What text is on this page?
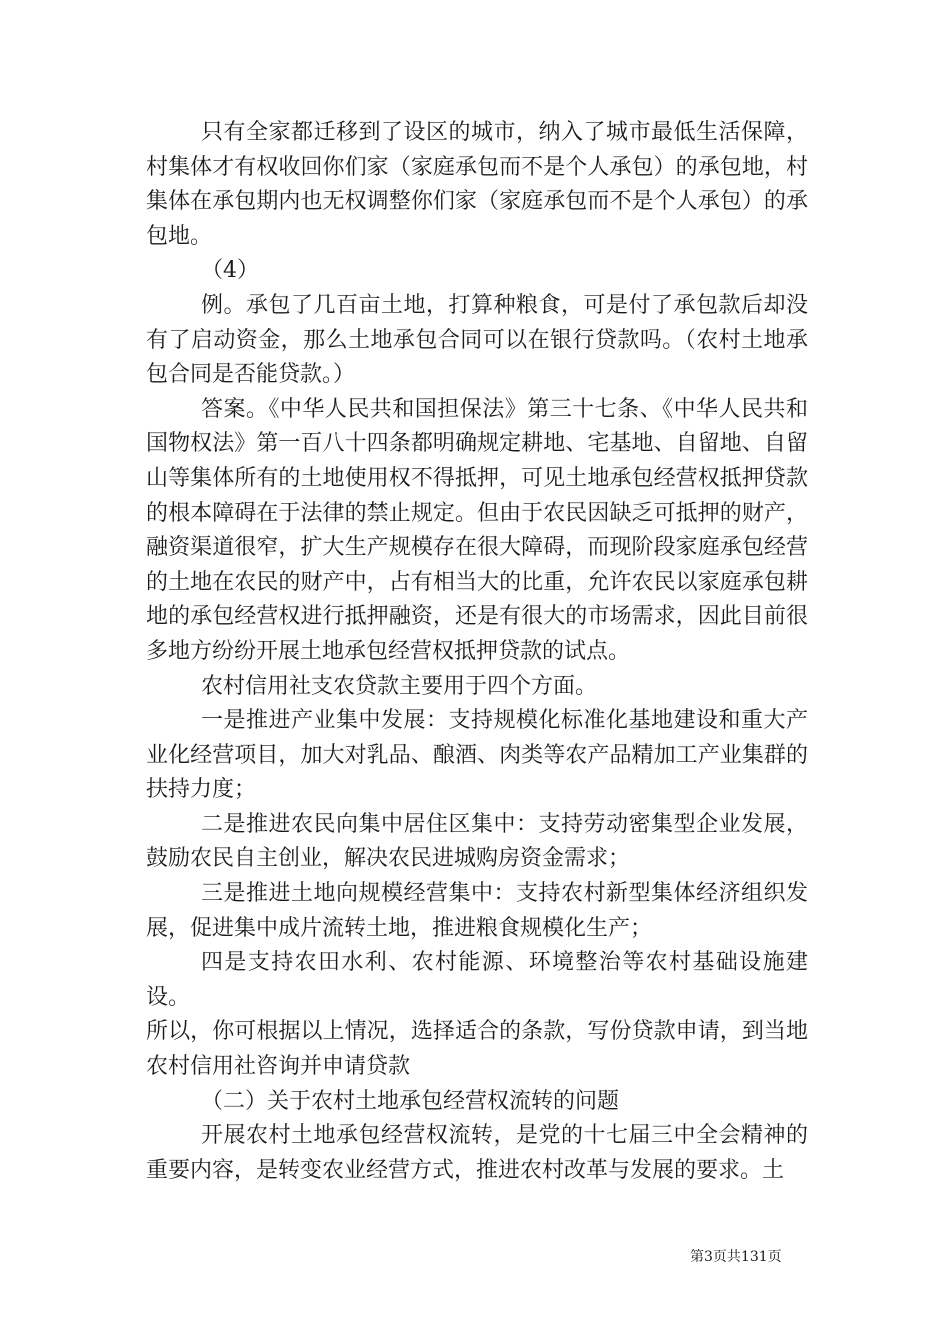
只有全家都迁移到了设区的城市，纳入了城市最低生活保障，村集体才有权收回你们家（家庭承包而不是个人承包）的承包地，村集体在承包期内也无权调整你们家（家庭承包而不是个人承包）的承包地。

（4）

例。承包了几百亩土地，打算种粮食，可是付了承包款后却没有了启动资金，那么土地承包合同可以在银行贷款吗。（农村土地承包合同是否能贷款。）

答案。《中华人民共和国担保法》第三十七条、《中华人民共和国物权法》第一百八十四条都明确规定耕地、宅基地、自留地、自留山等集体所有的土地使用权不得抵押，可见土地承包经营权抵押贷款的根本障碍在于法律的禁止规定。但由于农民因缺乏可抵押的财产，融资渠道很窄，扩大生产规模存在很大障碍，而现阶段家庭承包经营的土地在农民的财产中，占有相当大的比重，允许农民以家庭承包耕地的承包经营权进行抵押融资，还是有很大的市场需求，因此目前很多地方纷纷开展土地承包经营权抵押贷款的试点。

农村信用社支农贷款主要用于四个方面。

一是推进产业集中发展：支持规模化标准化基地建设和重大产业化经营项目，加大对乳品、酿酒、肉类等农产品精加工产业集群的扶持力度；

二是推进农民向集中居住区集中：支持劳动密集型企业发展，鼓励农民自主创业，解决农民进城购房资金需求；

三是推进土地向规模经营集中：支持农村新型集体经济组织发展，促进集中成片流转土地，推进粮食规模化生产；

四是支持农田水利、农村能源、环境整治等农村基础设施建设。

所以，你可根据以上情况，选择适合的条款，写份贷款申请，到当地农村信用社咨询并申请贷款

（二）关于农村土地承包经营权流转的问题

开展农村土地承包经营权流转，是党的十七届三中全会精神的重要内容，是转变农业经营方式，推进农村改革与发展的要求。土

第3页共131页
